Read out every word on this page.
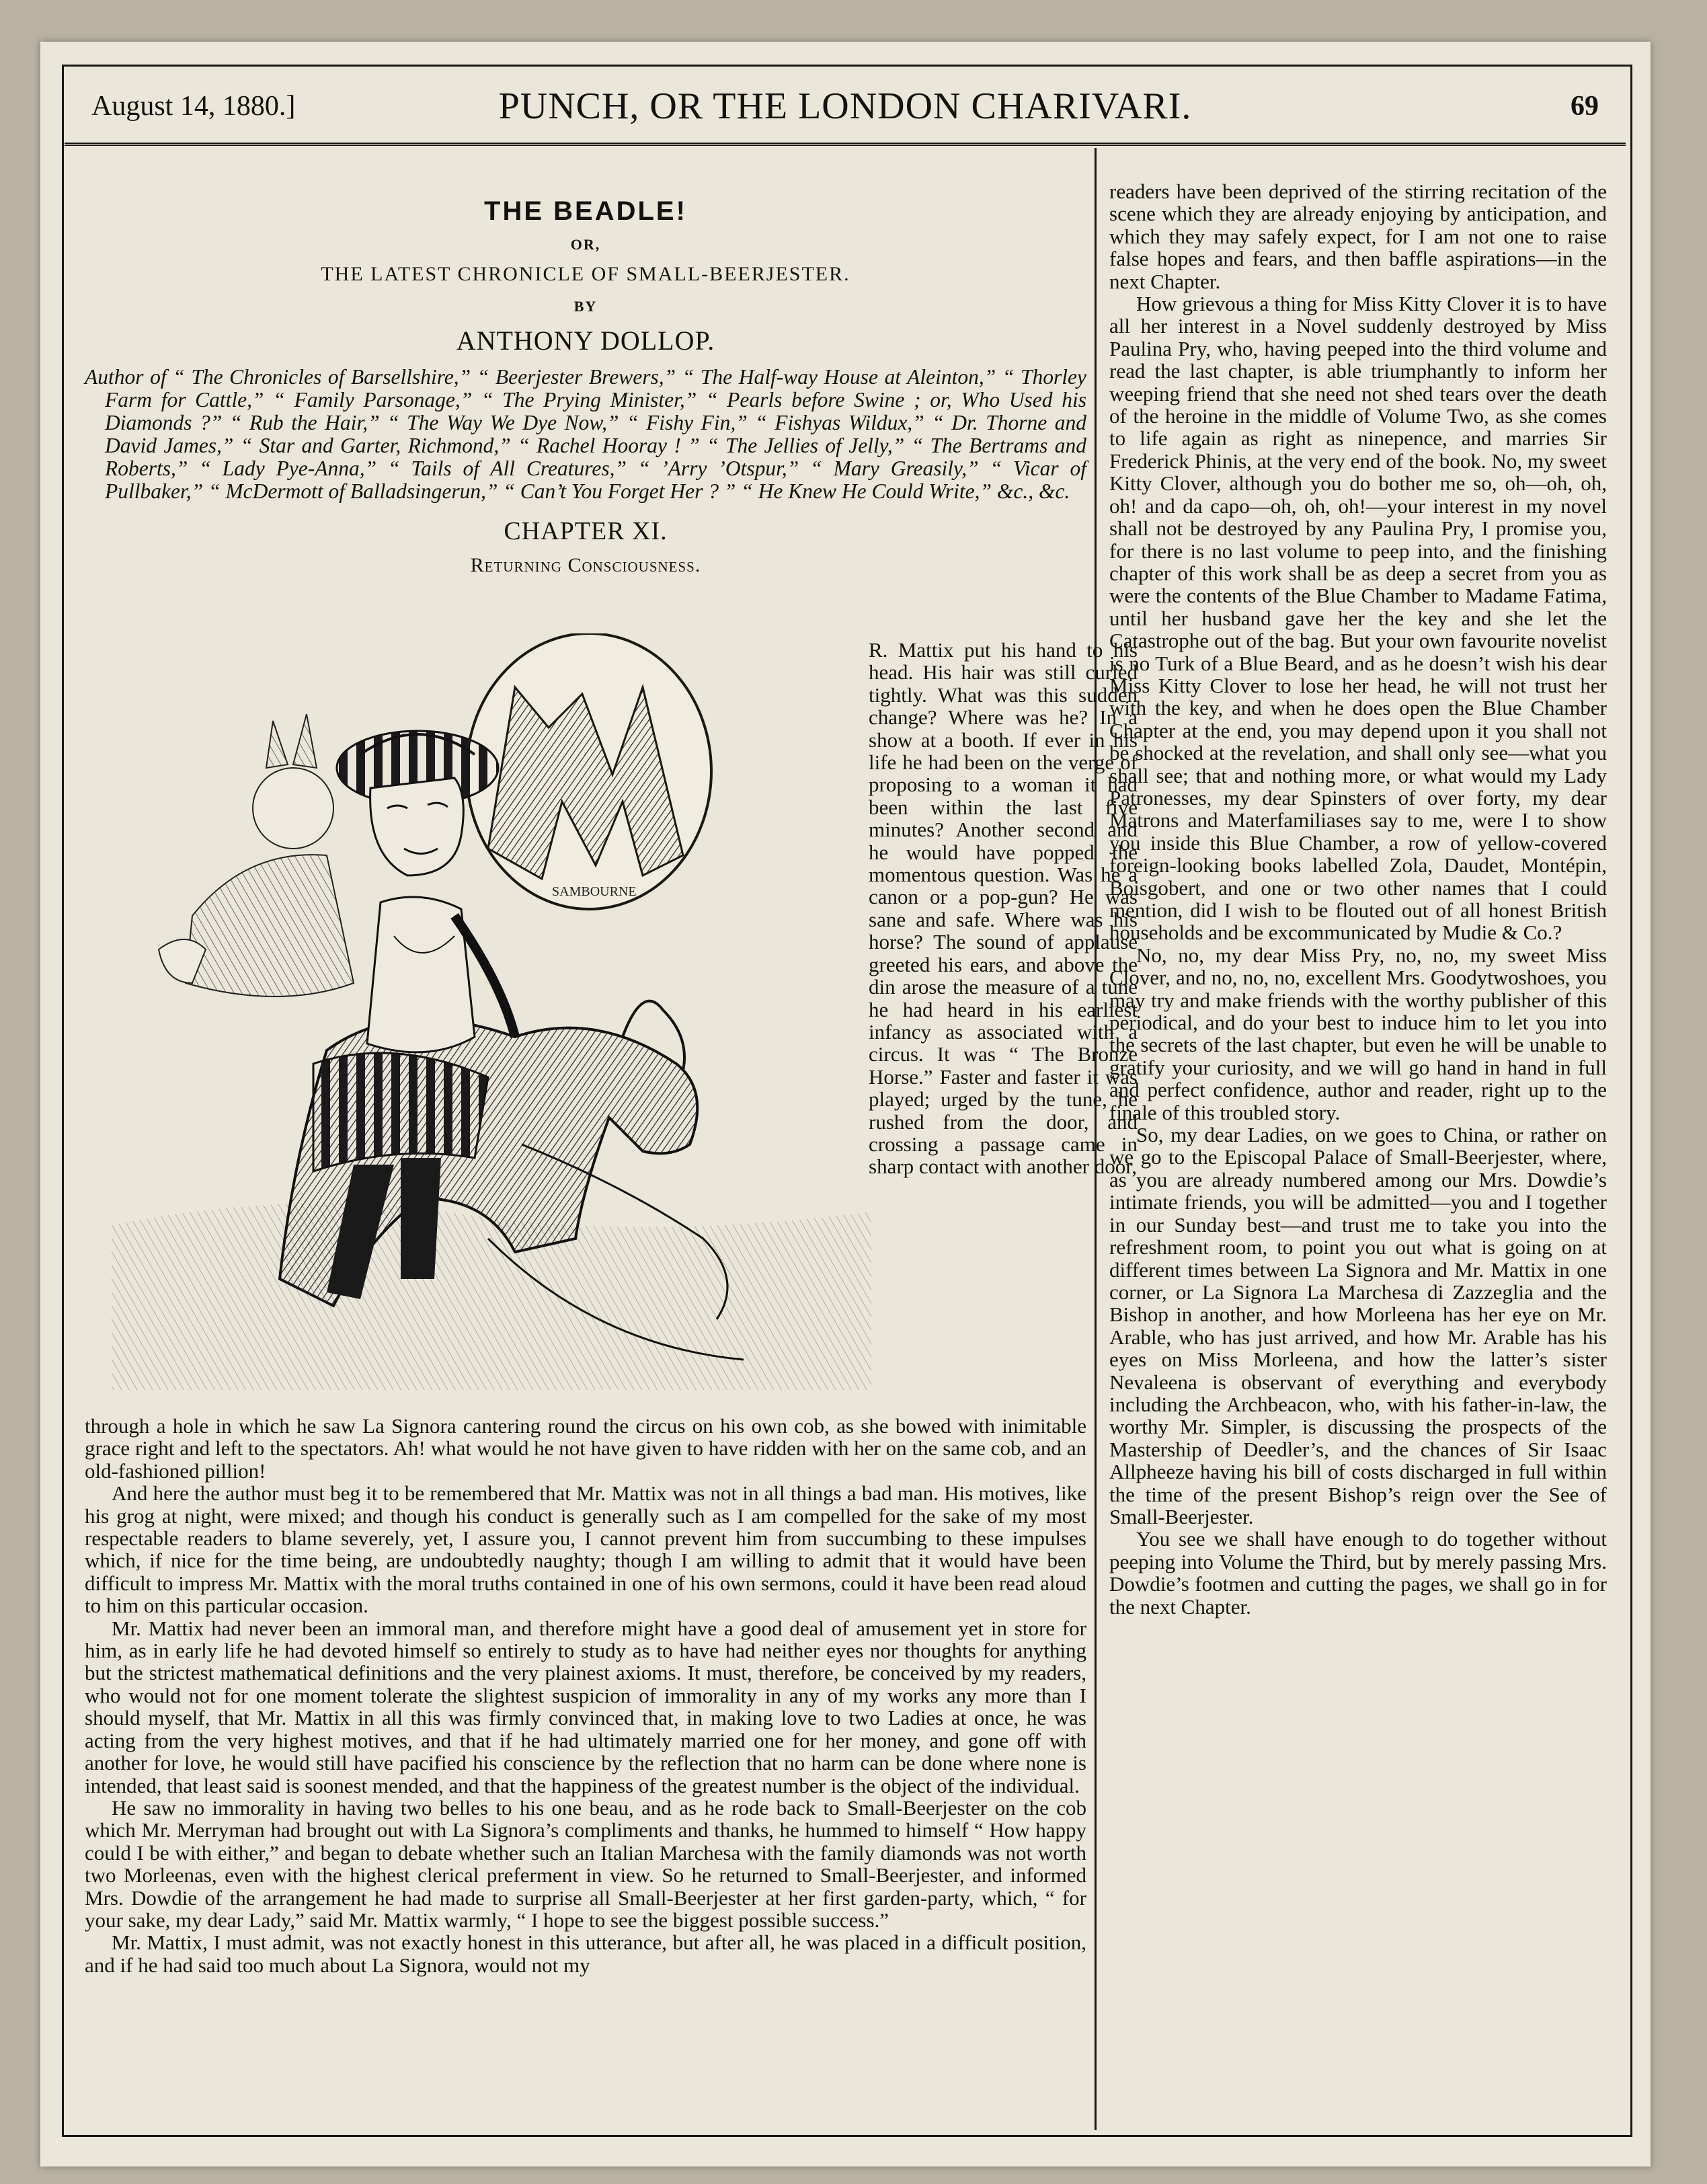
August 14, 1880.]	PUNCH, OR THE LONDON CHARIVARI.	69
THE BEADLE!
OR,
THE LATEST CHRONICLE OF SMALL-BEERJESTER.
BY
ANTHONY DOLLOP.
Author of “ The Chronicles of Barsellshire,” “ Beerjester Brewers,” “ The Half-way House at Aleinton,” “ Thorley Farm for Cattle,” “ Family Parsonage,” “ The Prying Minister,” “ Pearls before Swine ; or, Who Used his Diamonds ?” “ Rub the Hair,” “ The Way We Dye Now,” “ Fishy Fin,” “ Fishyas Wildux,” “ Dr. Thorne and David James,” “ Star and Garter, Richmond,” “ Rachel Hooray ! ” “ The Jellies of Jelly,” “ The Bertrams and Roberts,” “ Lady Pye-Anna,” “ Tails of All Creatures,” “ ’Arry ’Otspur,” “ Mary Greasily,” “ Vicar of Pullbaker,” “ McDermott of Balladsingerun,” “ Can’t You Forget Her ? ” “ He Knew He Could Write,” &c., &c.
CHAPTER XI.
Returning Consciousness.
SAMBOURNE

R. Mattix put his hand to his head. His hair was still curled tightly. What was this sudden change? Where was he? In a show at a booth. If ever in his life he had been on the verge of proposing to a woman it had been within the last five minutes? Another second and he would have popped the momentous question. Was he a canon or a pop-gun? He was sane and safe. Where was his horse? The sound of applause greeted his ears, and above the din arose the measure of a tune he had heard in his earliest infancy as associated with a circus. It was “ The Bronze Horse.” Faster and faster it was played; urged by the tune, he rushed from the door, and crossing a passage came in sharp contact with another door,

through a hole in which he saw La Signora cantering round the circus on his own cob, as she bowed with inimitable grace right and left to the spectators. Ah! what would he not have given to have ridden with her on the same cob, and an old-fashioned pillion!

And here the author must beg it to be remembered that Mr. Mattix was not in all things a bad man. His motives, like his grog at night, were mixed; and though his conduct is generally such as I am compelled for the sake of my most respectable readers to blame severely, yet, I assure you, I cannot prevent him from succumbing to these impulses which, if nice for the time being, are undoubtedly naughty; though I am willing to admit that it would have been difficult to impress Mr. Mattix with the moral truths contained in one of his own sermons, could it have been read aloud to him on this particular occasion.

Mr. Mattix had never been an immoral man, and therefore might have a good deal of amusement yet in store for him, as in early life he had devoted himself so entirely to study as to have had neither eyes nor thoughts for anything but the strictest mathematical definitions and the very plainest axioms. It must, therefore, be conceived by my readers, who would not for one moment tolerate the slightest suspicion of immorality in any of my works any more than I should myself, that Mr. Mattix in all this was firmly convinced that, in making love to two Ladies at once, he was acting from the very highest motives, and that if he had ultimately married one for her money, and gone off with another for love, he would still have pacified his conscience by the reflection that no harm can be done where none is intended, that least said is soonest mended, and that the happiness of the greatest number is the object of the individual.

He saw no immorality in having two belles to his one beau, and as he rode back to Small-Beerjester on the cob which Mr. Merryman had brought out with La Signora’s compliments and thanks, he hummed to himself “ How happy could I be with either,” and began to debate whether such an Italian Marchesa with the family diamonds was not worth two Morleenas, even with the highest clerical preferment in view. So he returned to Small-Beerjester, and informed Mrs. Dowdie of the arrangement he had made to surprise all Small-Beerjester at her first garden-party, which, “ for your sake, my dear Lady,” said Mr. Mattix warmly, “ I hope to see the biggest possible success.”

Mr. Mattix, I must admit, was not exactly honest in this utterance, but after all, he was placed in a difficult position, and if he had said too much about La Signora, would not my

readers have been deprived of the stirring recitation of the scene which they are already enjoying by anticipation, and which they may safely expect, for I am not one to raise false hopes and fears, and then baffle aspirations—in the next Chapter.

How grievous a thing for Miss Kitty Clover it is to have all her interest in a Novel suddenly destroyed by Miss Paulina Pry, who, having peeped into the third volume and read the last chapter, is able triumphantly to inform her weeping friend that she need not shed tears over the death of the heroine in the middle of Volume Two, as she comes to life again as right as ninepence, and marries Sir Frederick Phinis, at the very end of the book. No, my sweet Kitty Clover, although you do bother me so, oh—oh, oh, oh! and da capo—oh, oh, oh!—your interest in my novel shall not be destroyed by any Paulina Pry, I promise you, for there is no last volume to peep into, and the finishing chapter of this work shall be as deep a secret from you as were the contents of the Blue Chamber to Madame Fatima, until her husband gave her the key and she let the Catastrophe out of the bag. But your own favourite novelist is no Turk of a Blue Beard, and as he doesn’t wish his dear Miss Kitty Clover to lose her head, he will not trust her with the key, and when he does open the Blue Chamber Chapter at the end, you may depend upon it you shall not be shocked at the revelation, and shall only see—what you shall see; that and nothing more, or what would my Lady Patronesses, my dear Spinsters of over forty, my dear Matrons and Materfamiliases say to me, were I to show you inside this Blue Chamber, a row of yellow-covered foreign-looking books labelled Zola, Daudet, Montépin, Boisgobert, and one or two other names that I could mention, did I wish to be flouted out of all honest British households and be excommunicated by Mudie & Co.?

No, no, my dear Miss Pry, no, no, my sweet Miss Clover, and no, no, no, excellent Mrs. Goodytwoshoes, you may try and make friends with the worthy publisher of this periodical, and do your best to induce him to let you into the secrets of the last chapter, but even he will be unable to gratify your curiosity, and we will go hand in hand in full and perfect confidence, author and reader, right up to the finale of this troubled story.

So, my dear Ladies, on we goes to China, or rather on we go to the Episcopal Palace of Small-Beerjester, where, as you are already numbered among our Mrs. Dowdie’s intimate friends, you will be admitted—you and I together in our Sunday best—and trust me to take you into the refreshment room, to point you out what is going on at different times between La Signora and Mr. Mattix in one corner, or La Signora La Marchesa di Zazzeglia and the Bishop in another, and how Morleena has her eye on Mr. Arable, who has just arrived, and how Mr. Arable has his eyes on Miss Morleena, and how the latter’s sister Nevaleena is observant of everything and everybody including the Archbeacon, who, with his father-in-law, the worthy Mr. Simpler, is discussing the prospects of the Mastership of Deedler’s, and the chances of Sir Isaac Allpheeze having his bill of costs discharged in full within the time of the present Bishop’s reign over the See of Small-Beerjester.

You see we shall have enough to do together without peeping into Volume the Third, but by merely passing Mrs. Dowdie’s footmen and cutting the pages, we shall go in for the next Chapter.
